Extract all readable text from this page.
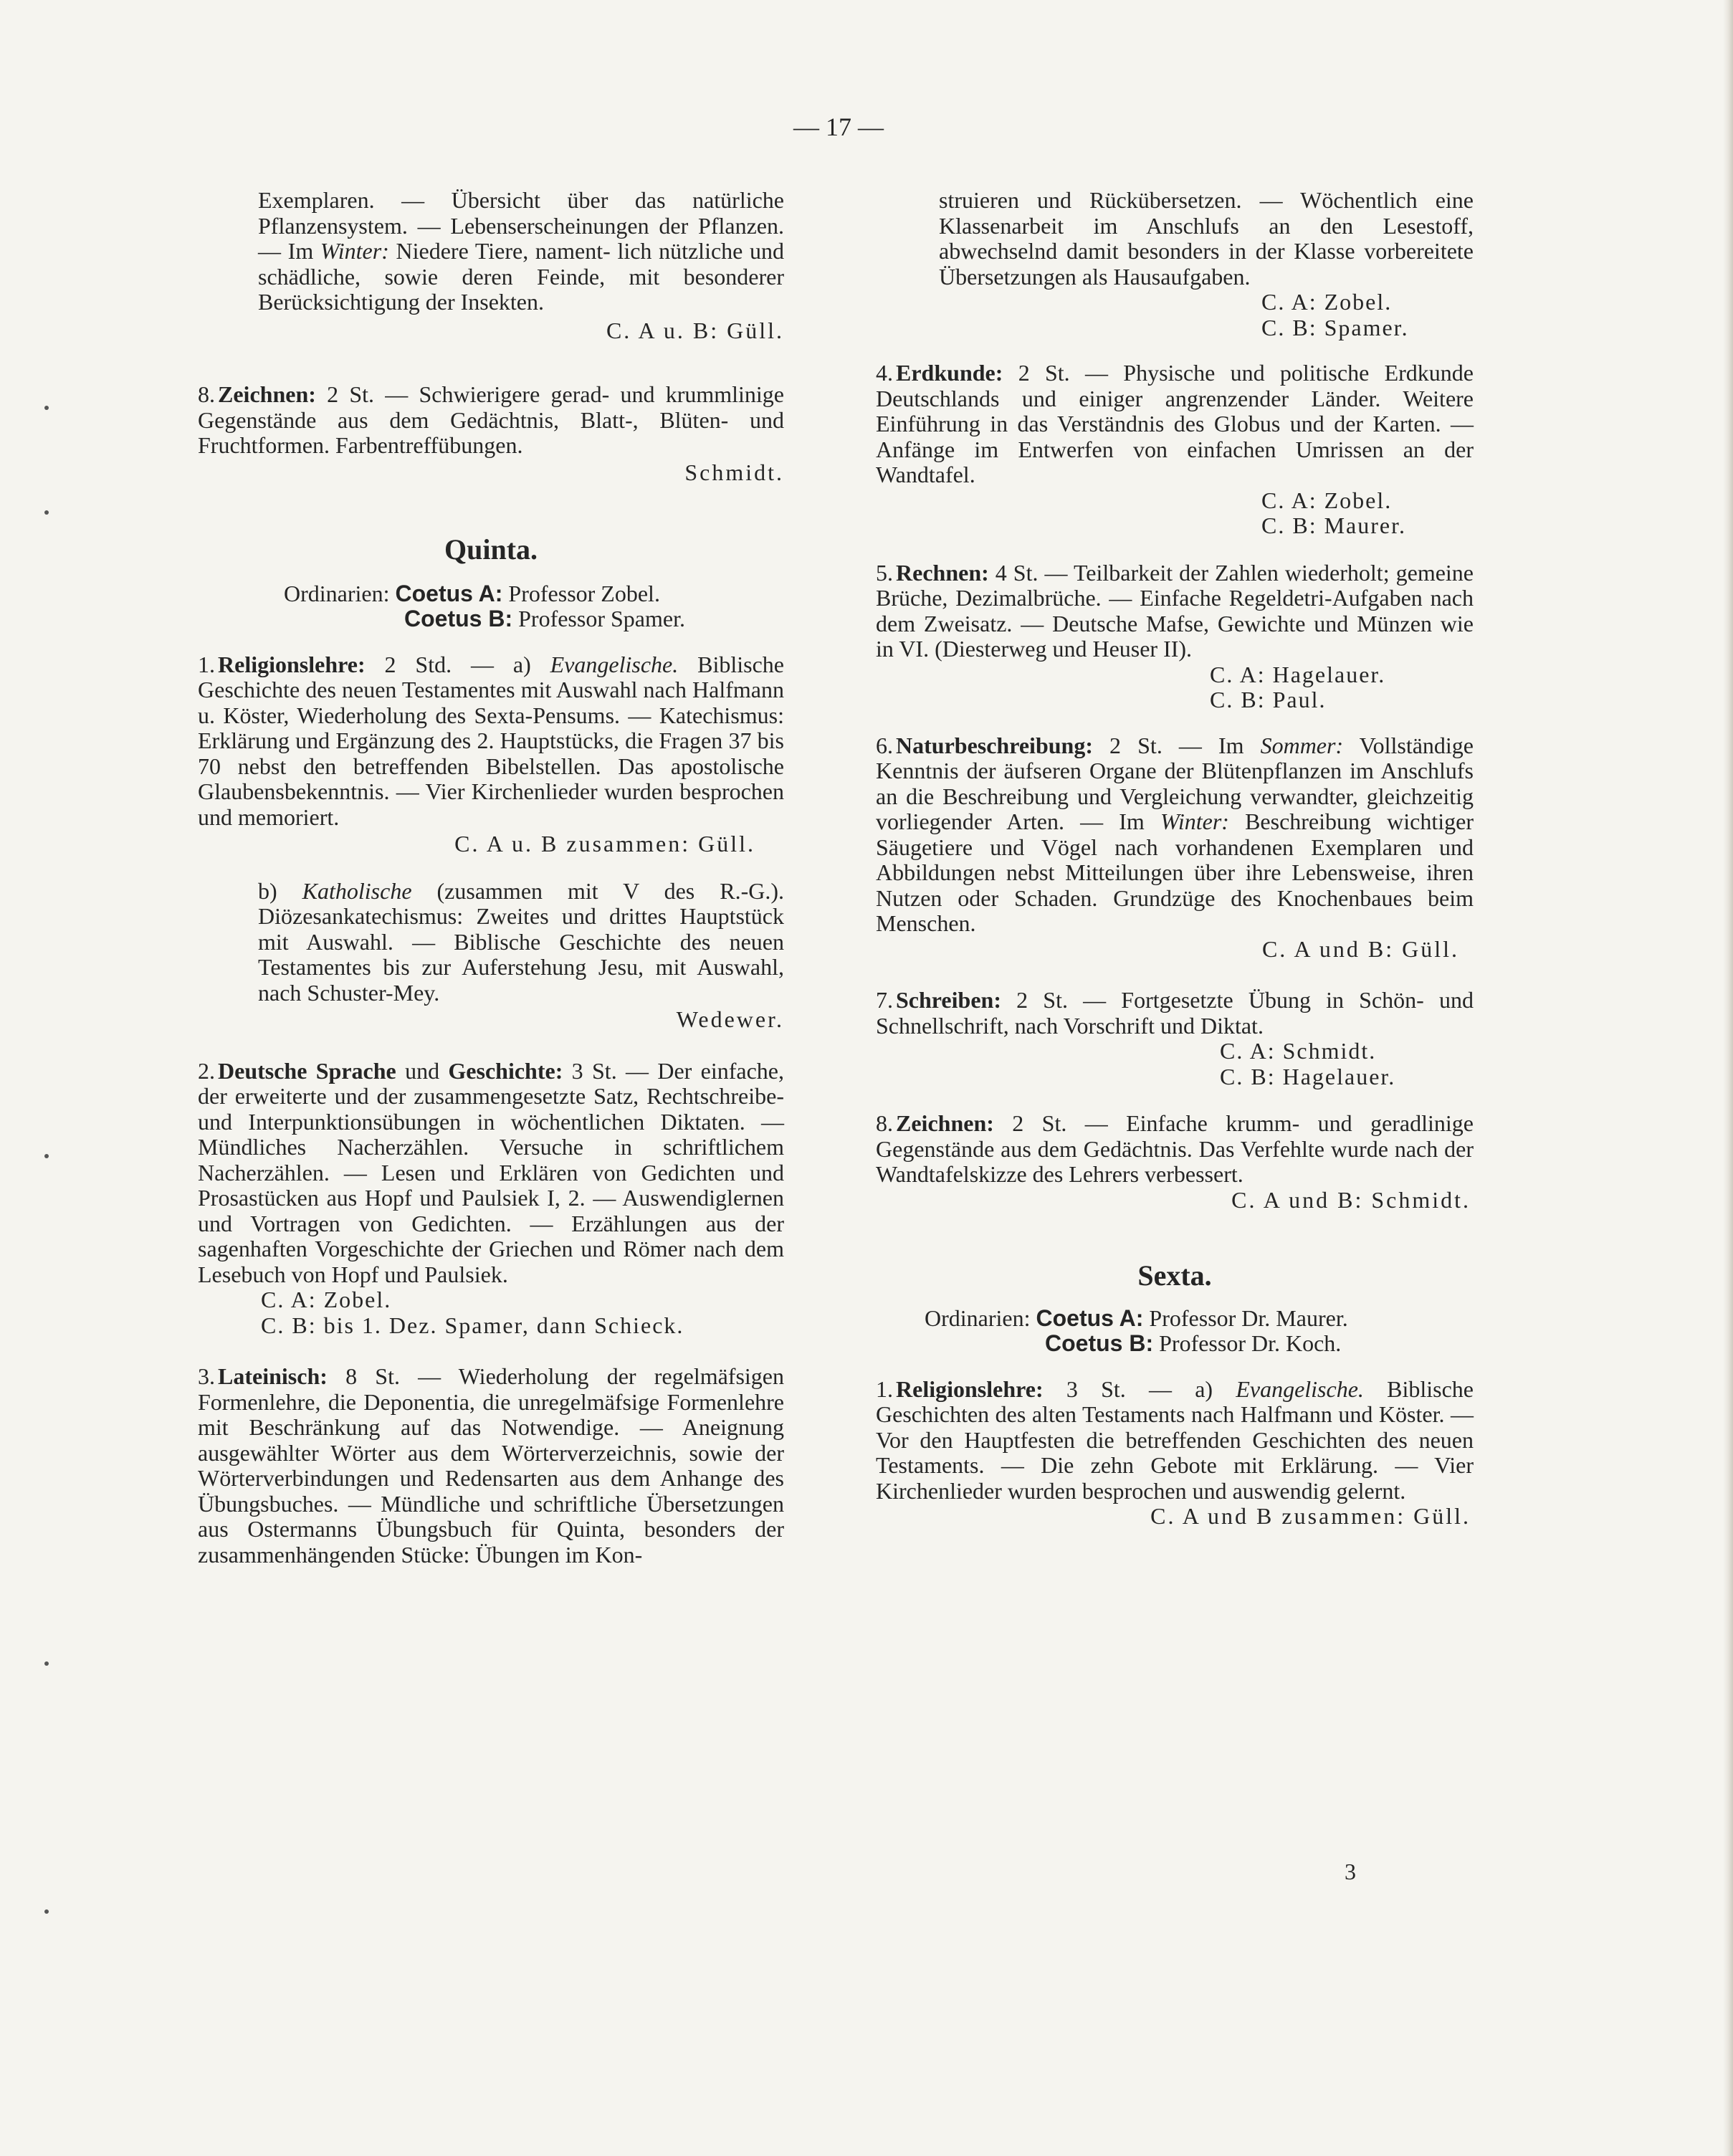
— 17 —

Exemplaren. — Übersicht über das natürliche Pflanzensystem. — Lebenserscheinungen der Pflanzen. — Im Winter: Niedere Tiere, nament- lich nützliche und schädliche, sowie deren Feinde, mit besonderer Berücksichtigung der Insekten.

C. A u. B: Güll.

8. Zeichnen: 2 St. — Schwierigere gerad- und krummlinige Gegenstände aus dem Gedächtnis, Blatt-, Blüten- und Fruchtformen. Farbentreffübungen.

Schmidt.

Quinta.

Ordinarien: Coetus A: Professor Zobel.

Coetus B: Professor Spamer.

1. Religionslehre: 2 Std. — a) Evangelische. Biblische Geschichte des neuen Testamentes mit Auswahl nach Halfmann u. Köster, Wiederholung des Sexta-Pensums. — Katechismus: Erklärung und Ergänzung des 2. Hauptstücks, die Fragen 37 bis 70 nebst den betreffenden Bibelstellen. Das apostolische Glaubensbekenntnis. — Vier Kirchenlieder wurden besprochen und memoriert.

C. A u. B zusammen: Güll.

b) Katholische (zusammen mit V des R.-G.). Diözesankatechismus: Zweites und drittes Hauptstück mit Auswahl. — Biblische Geschichte des neuen Testamentes bis zur Auferstehung Jesu, mit Auswahl, nach Schuster-Mey.

Wedewer.

2. Deutsche Sprache und Geschichte: 3 St. — Der einfache, der erweiterte und der zusammengesetzte Satz, Rechtschreibe- und Interpunktionsübungen in wöchentlichen Diktaten. — Mündliches Nacherzählen. Versuche in schriftlichem Nacherzählen. — Lesen und Erklären von Gedichten und Prosastücken aus Hopf und Paulsiek I, 2. — Auswendiglernen und Vortragen von Gedichten. — Erzählungen aus der sagenhaften Vorgeschichte der Griechen und Römer nach dem Lesebuch von Hopf und Paulsiek.

C. A: Zobel.

C. B: bis 1. Dez. Spamer, dann Schieck.

3. Lateinisch: 8 St. — Wiederholung der regelmäfsigen Formenlehre, die Deponentia, die unregelmäfsige Formenlehre mit Beschränkung auf das Notwendige. — Aneignung ausgewählter Wörter aus dem Wörterverzeichnis, sowie der Wörterverbindungen und Redensarten aus dem Anhange des Übungsbuches. — Mündliche und schriftliche Übersetzungen aus Ostermanns Übungsbuch für Quinta, besonders der zusammenhängenden Stücke: Übungen im Kon-

struieren und Rückübersetzen. — Wöchentlich eine Klassenarbeit im Anschlufs an den Lesestoff, abwechselnd damit besonders in der Klasse vorbereitete Übersetzungen als Hausaufgaben.

C. A: Zobel.

C. B: Spamer.

4. Erdkunde: 2 St. — Physische und politische Erdkunde Deutschlands und einiger angrenzender Länder. Weitere Einführung in das Verständnis des Globus und der Karten. — Anfänge im Entwerfen von einfachen Umrissen an der Wandtafel.

C. A: Zobel.

C. B: Maurer.

5. Rechnen: 4 St. — Teilbarkeit der Zahlen wiederholt; gemeine Brüche, Dezimalbrüche. — Einfache Regeldetri-Aufgaben nach dem Zweisatz. — Deutsche Mafse, Gewichte und Münzen wie in VI. (Diesterweg und Heuser II).

C. A: Hagelauer.

C. B: Paul.

6. Naturbeschreibung: 2 St. — Im Sommer: Vollständige Kenntnis der äufseren Organe der Blütenpflanzen im Anschlufs an die Beschreibung und Vergleichung verwandter, gleichzeitig vorliegender Arten. — Im Winter: Beschreibung wichtiger Säugetiere und Vögel nach vorhandenen Exemplaren und Abbildungen nebst Mitteilungen über ihre Lebensweise, ihren Nutzen oder Schaden. Grundzüge des Knochenbaues beim Menschen.

C. A und B: Güll.

7. Schreiben: 2 St. — Fortgesetzte Übung in Schön- und Schnellschrift, nach Vorschrift und Diktat.

C. A: Schmidt.

C. B: Hagelauer.

8. Zeichnen: 2 St. — Einfache krumm- und geradlinige Gegenstände aus dem Gedächtnis. Das Verfehlte wurde nach der Wandtafelskizze des Lehrers verbessert.

C. A und B: Schmidt.

Sexta.

Ordinarien: Coetus A: Professor Dr. Maurer.

Coetus B: Professor Dr. Koch.

1. Religionslehre: 3 St. — a) Evangelische. Biblische Geschichten des alten Testaments nach Halfmann und Köster. — Vor den Hauptfesten die betreffenden Geschichten des neuen Testaments. — Die zehn Gebote mit Erklärung. — Vier Kirchenlieder wurden besprochen und auswendig gelernt.

C. A und B zusammen: Güll.

3
